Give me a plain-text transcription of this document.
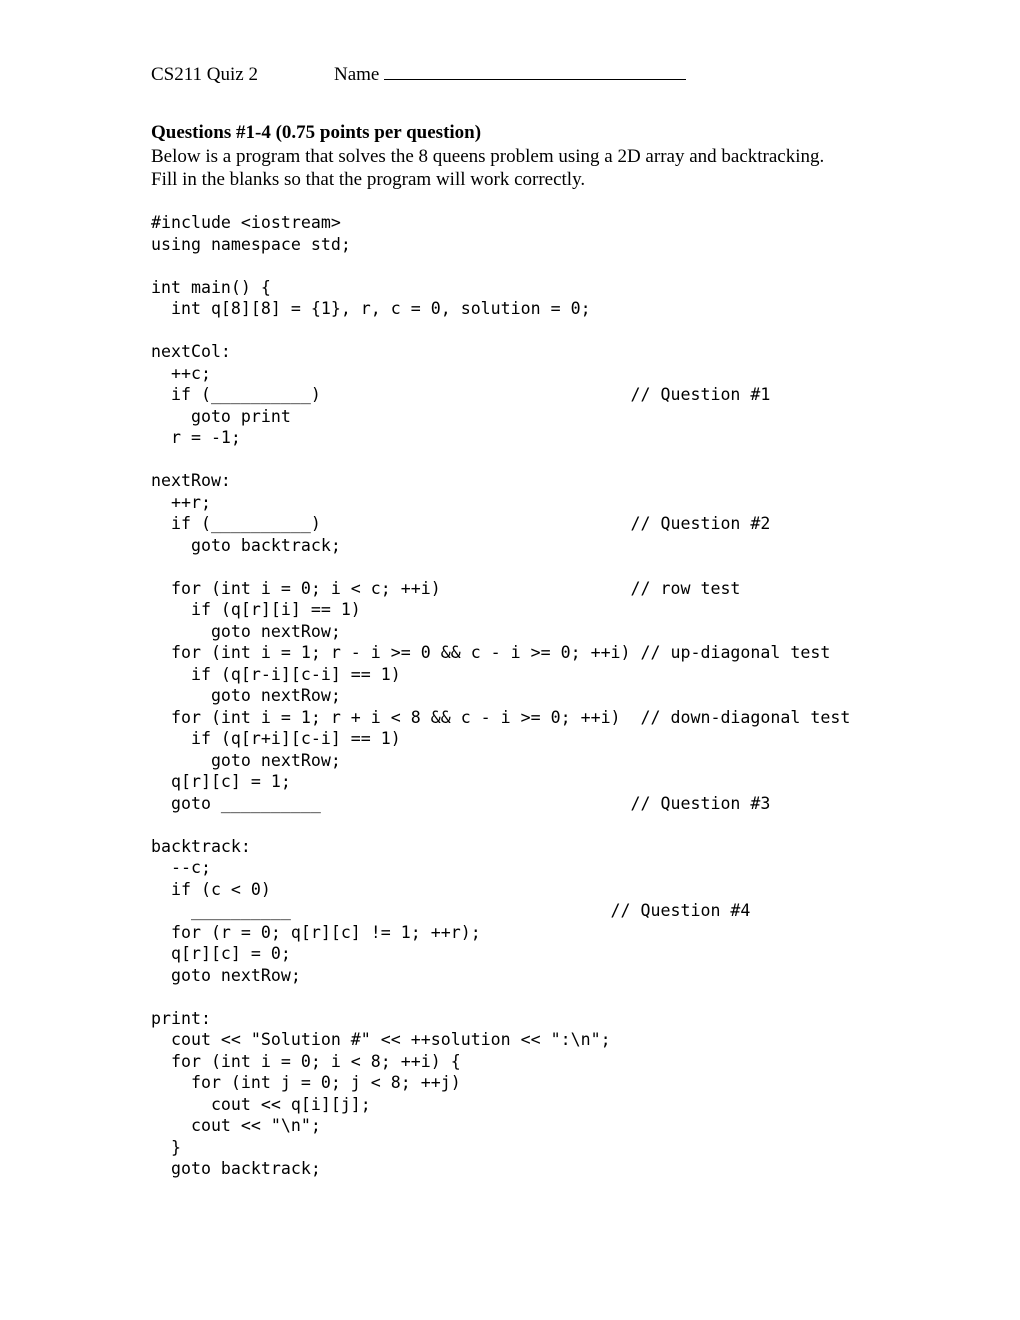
CS211 Quiz 2	Name
Questions #1-4 (0.75 points per question)
Below is a program that solves the 8 queens problem using a 2D array and backtracking.
Fill in the blanks so that the program will work correctly.
#include <iostream>
using namespace std;
int main() {
int q[8][8] = {1}, r, c = 0, solution = 0;
nextCol:
++c;
if (__________)                               // Question #1
goto print
r = -1;
nextRow:
++r;
if (__________)                               // Question #2
goto backtrack;
for (int i = 0; i < c; ++i)                   // row test
if (q[r][i] == 1)
goto nextRow;
for (int i = 1; r - i >= 0 && c - i >= 0; ++i) // up-diagonal test
if (q[r-i][c-i] == 1)
goto nextRow;
for (int i = 1; r + i < 8 && c - i >= 0; ++i)  // down-diagonal test
if (q[r+i][c-i] == 1)
goto nextRow;
q[r][c] = 1;
goto __________                               // Question #3
backtrack:
--c;
if (c < 0)
__________                                // Question #4
for (r = 0; q[r][c] != 1; ++r);
q[r][c] = 0;
goto nextRow;
print:
cout << "Solution #" << ++solution << ":\n";
for (int i = 0; i < 8; ++i) {
for (int j = 0; j < 8; ++j)
cout << q[i][j];
cout << "\n";
}
goto backtrack;
